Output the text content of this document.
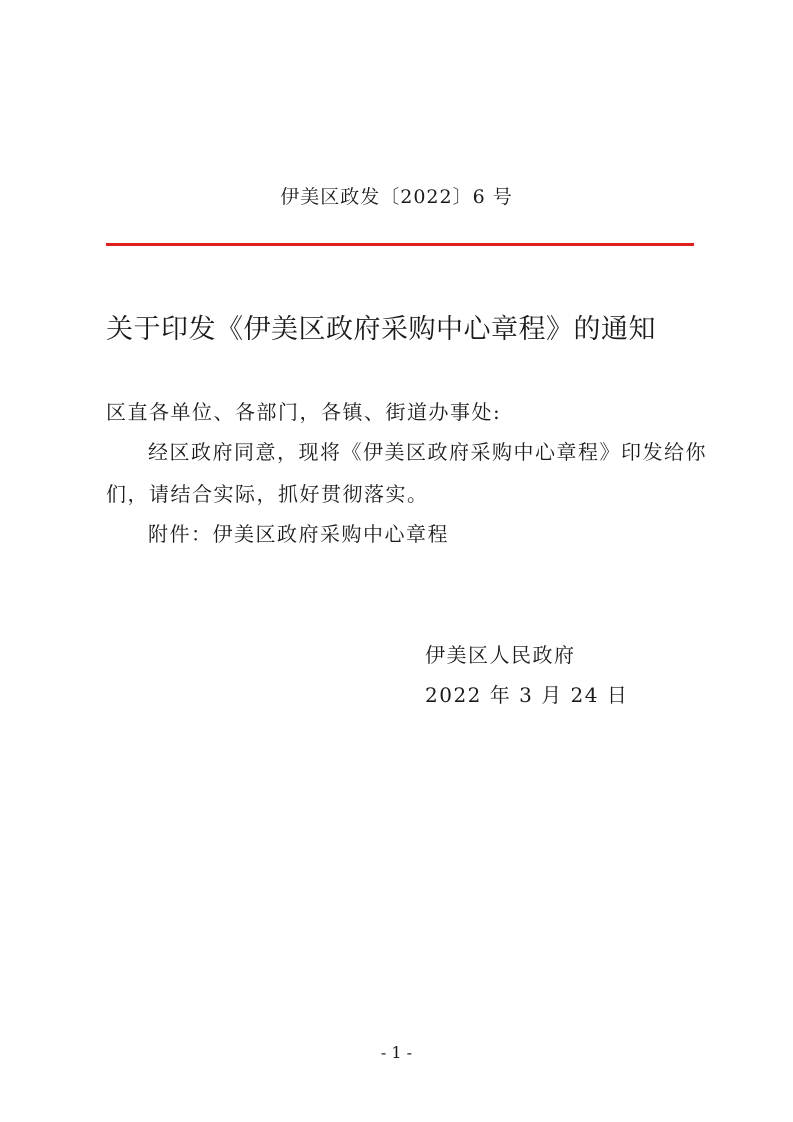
伊美区政发〔2022〕6 号
关于印发《伊美区政府采购中心章程》的通知
区直各单位、各部门，各镇、街道办事处:
经区政府同意，现将《伊美区政府采购中心章程》印发给你
们，请结合实际，抓好贯彻落实。
附件：伊美区政府采购中心章程
伊美区人民政府
2022 年 3 月 24 日
- 1 -
